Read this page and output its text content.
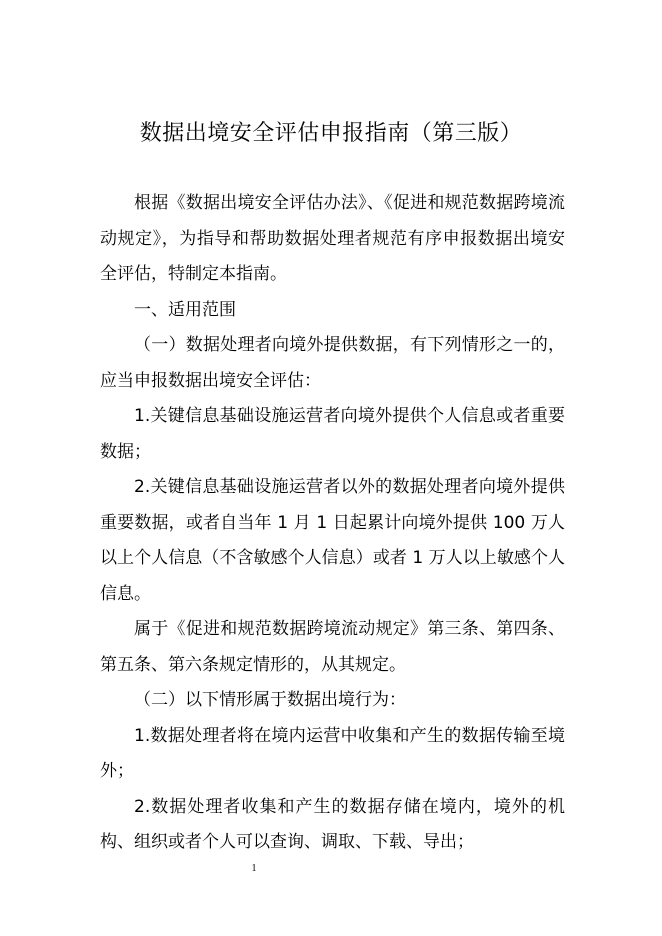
数据出境安全评估申报指南（第三版）

根据《数据出境安全评估办法》、《促进和规范数据跨境流动规定》，为指导和帮助数据处理者规范有序申报数据出境安全评估，特制定本指南。

一、适用范围

（一）数据处理者向境外提供数据，有下列情形之一的，应当申报数据出境安全评估：

1.关键信息基础设施运营者向境外提供个人信息或者重要数据；

2.关键信息基础设施运营者以外的数据处理者向境外提供重要数据，或者自当年 1 月 1 日起累计向境外提供 100 万人以上个人信息（不含敏感个人信息）或者 1 万人以上敏感个人信息。

属于《促进和规范数据跨境流动规定》第三条、第四条、第五条、第六条规定情形的，从其规定。

（二）以下情形属于数据出境行为：

1.数据处理者将在境内运营中收集和产生的数据传输至境外；

2.数据处理者收集和产生的数据存储在境内，境外的机构、组织或者个人可以查询、调取、下载、导出；

1
